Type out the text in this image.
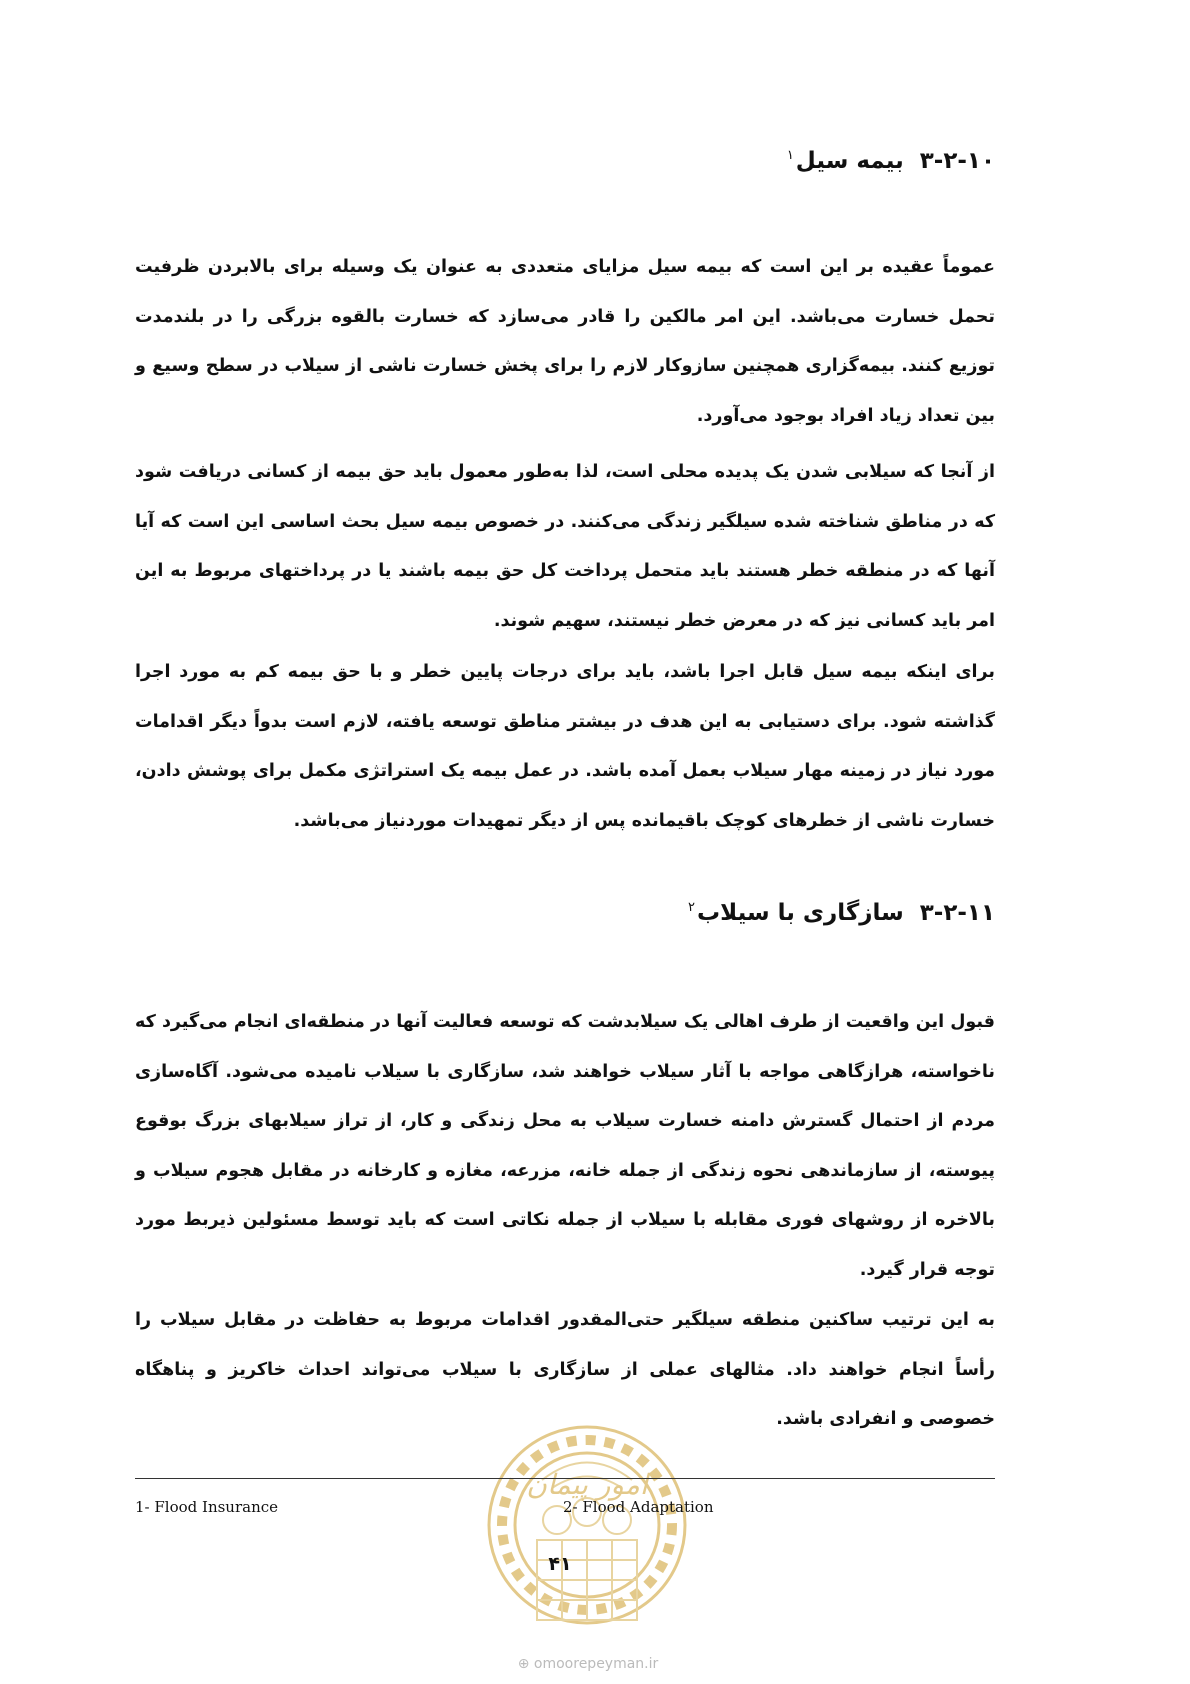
۳-۲-۱۰  بیمه سیل$^۱$

عموماً عقیده بر این است که بیمه سیل مزایای متعددی به عنوان یک وسیله برای بالابردن ظرفیت تحمل خسارت می‌باشد. این امر مالکین را قادر می‌سازد که خسارت بالقوه بزرگی را در بلندمدت توزیع کنند. بیمه‌گزاری همچنین سازوکار لازم را برای پخش خسارت ناشی از سیلاب در سطح وسیع و بین تعداد زیاد افراد بوجود می‌آورد.

از آنجا که سیلابی شدن یک پدیده محلی است، لذا به‌طور معمول باید حق بیمه از کسانی دریافت شود که در مناطق شناخته شده سیلگیر زندگی می‌کنند. در خصوص بیمه سیل بحث اساسی این است که آیا آنها که در منطقه خطر هستند باید متحمل پرداخت کل حق بیمه باشند یا در پرداختهای مربوط به این امر باید کسانی نیز که در معرض خطر نیستند، سهیم شوند.

برای اینکه بیمه سیل قابل اجرا باشد، باید برای درجات پایین خطر و با حق بیمه کم به مورد اجرا گذاشته شود. برای دستیابی به این هدف در بیشتر مناطق توسعه یافته، لازم است بدواً دیگر اقدامات مورد نیاز در زمینه مهار سیلاب بعمل آمده باشد. در عمل بیمه یک استراتژی مکمل برای پوشش دادن، خسارت ناشی از خطرهای کوچک باقیمانده پس از دیگر تمهیدات موردنیاز می‌باشد.

۳-۲-۱۱  سازگاری با سیلاب$^۲$

قبول این واقعیت از طرف اهالی یک سیلابدشت که توسعه فعالیت آنها در منطقه‌ای انجام می‌گیرد که ناخواسته، هرازگاهی مواجه با آثار سیلاب خواهند شد، سازگاری با سیلاب نامیده می‌شود. آگاه‌سازی مردم از احتمال گسترش دامنه خسارت سیلاب به محل زندگی و کار، از تراز سیلابهای بزرگ بوقوع پیوسته، از سازماندهی نحوه زندگی از جمله خانه، مزرعه، مغازه و کارخانه در مقابل هجوم سیلاب و بالاخره از روشهای فوری مقابله با سیلاب از جمله نکاتی است که باید توسط مسئولین ذیربط مورد توجه قرار گیرد.

به این ترتیب ساکنین منطقه سیلگیر حتی‌المقدور اقدامات مربوط به حفاظت در مقابل سیلاب را رأساً انجام خواهند داد. مثالهای عملی از سازگاری با سیلاب می‌تواند احداث خاکریز و پناهگاه خصوصی و انفرادی باشد.

امور پیمان
1- Flood Insurance	2- Flood Adaptation
۴۱
⊕ omoorepeyman.ir
